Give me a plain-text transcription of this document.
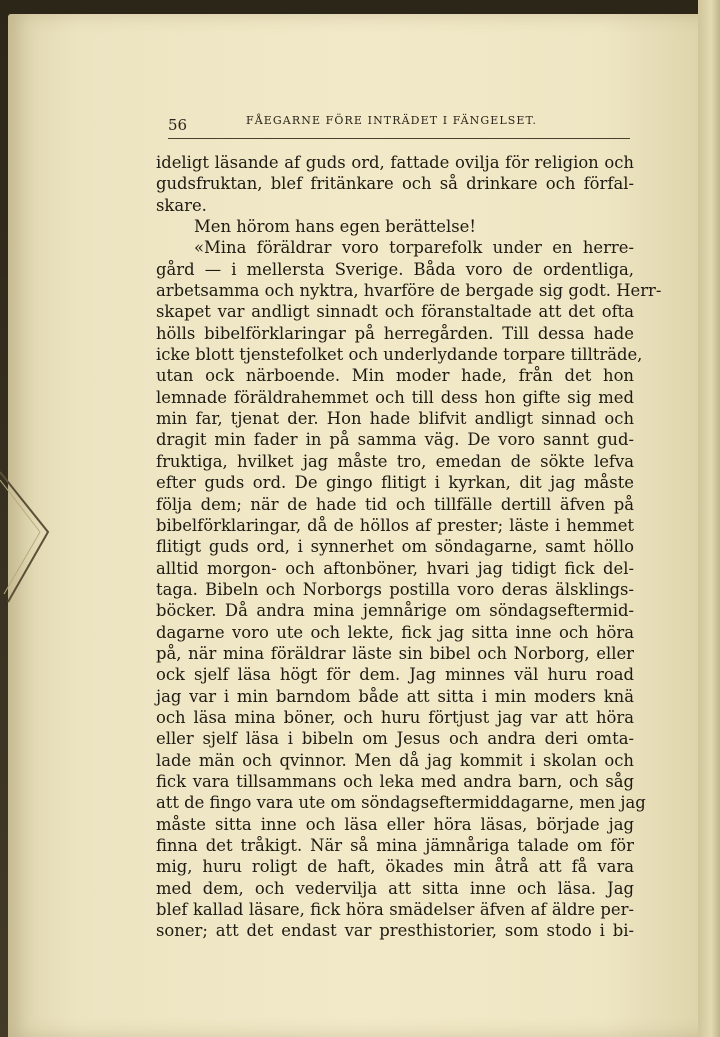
56	FÅEGARNE FÖRE INTRÄDET I FÄNGELSET.
ideligt läsande af guds ord, fattade ovilja för religion och
gudsfruktan, blef fritänkare och så drinkare och förfal-
skare.
Men hörom hans egen berättelse!
«Mina föräldrar voro torparefolk under en herre-
gård — i mellersta Sverige. Båda voro de ordentliga,
arbetsamma och nyktra, hvarföre de bergade sig godt. Herr-
skapet var andligt sinnadt och föranstaltade att det ofta
hölls bibelförklaringar på herregården. Till dessa hade
icke blott tjenstefolket och underlydande torpare tillträde,
utan ock närboende. Min moder hade, från det hon
lemnade föräldrahemmet och till dess hon gifte sig med
min far, tjenat der. Hon hade blifvit andligt sinnad och
dragit min fader in på samma väg. De voro sannt gud-
fruktiga, hvilket jag måste tro, emedan de sökte lefva
efter guds ord. De gingo flitigt i kyrkan, dit jag måste
följa dem; när de hade tid och tillfälle dertill äfven på
bibelförklaringar, då de höllos af prester; läste i hemmet
flitigt guds ord, i synnerhet om söndagarne, samt höllo
alltid morgon- och aftonböner, hvari jag tidigt fick del-
taga. Bibeln och Norborgs postilla voro deras älsklings-
böcker. Då andra mina jemnårige om söndagseftermid-
dagarne voro ute och lekte, fick jag sitta inne och höra
på, när mina föräldrar läste sin bibel och Norborg, eller
ock sjelf läsa högt för dem. Jag minnes väl huru road
jag var i min barndom både att sitta i min moders knä
och läsa mina böner, och huru förtjust jag var att höra
eller sjelf läsa i bibeln om Jesus och andra deri omta-
lade män och qvinnor. Men då jag kommit i skolan och
fick vara tillsammans och leka med andra barn, och såg
att de fingo vara ute om söndagseftermiddagarne, men jag
måste sitta inne och läsa eller höra läsas, började jag
finna det tråkigt. När så mina jämnåriga talade om för
mig, huru roligt de haft, ökades min åtrå att få vara
med dem, och vedervilja att sitta inne och läsa. Jag
blef kallad läsare, fick höra smädelser äfven af äldre per-
soner; att det endast var presthistorier, som stodo i bi-
